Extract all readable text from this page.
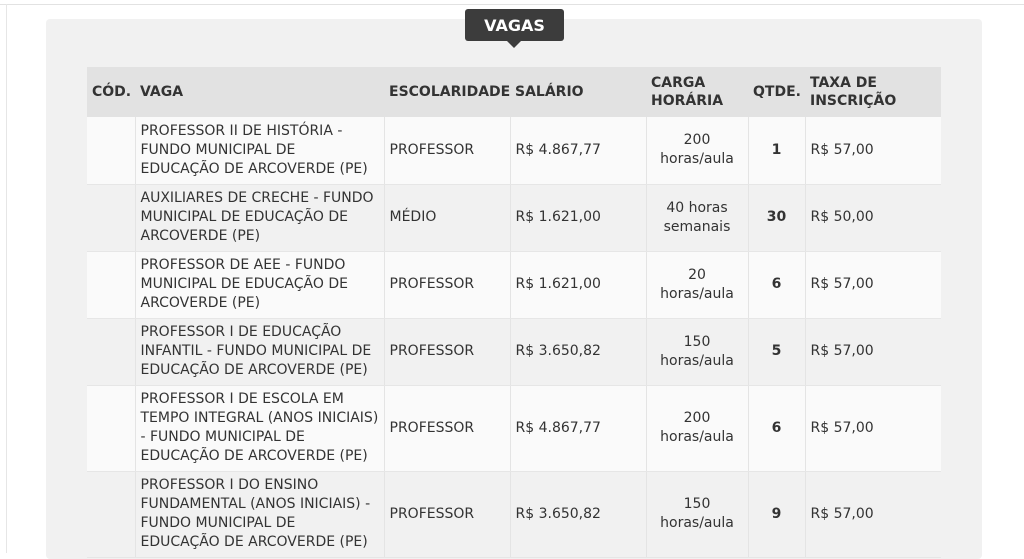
VAGAS
CÓD.	VAGA	ESCOLARIDADE	SALÁRIO	CARGA HORÁRIA	QTDE.	TAXA DE INSCRIÇÃO
	PROFESSOR II DE HISTÓRIA - FUNDO MUNICIPAL DE EDUCAÇÃO DE ARCOVERDE (PE)	PROFESSOR	R$ 4.867,77	200 horas/aula	1	R$ 57,00
	AUXILIARES DE CRECHE - FUNDO MUNICIPAL DE EDUCAÇÃO DE ARCOVERDE (PE)	MÉDIO	R$ 1.621,00	40 horas semanais	30	R$ 50,00
	PROFESSOR DE AEE - FUNDO MUNICIPAL DE EDUCAÇÃO DE ARCOVERDE (PE)	PROFESSOR	R$ 1.621,00	20 horas/aula	6	R$ 57,00
	PROFESSOR I DE EDUCAÇÃO INFANTIL - FUNDO MUNICIPAL DE EDUCAÇÃO DE ARCOVERDE (PE)	PROFESSOR	R$ 3.650,82	150 horas/aula	5	R$ 57,00
	PROFESSOR I DE ESCOLA EM TEMPO INTEGRAL (ANOS INICIAIS) - FUNDO MUNICIPAL DE EDUCAÇÃO DE ARCOVERDE (PE)	PROFESSOR	R$ 4.867,77	200 horas/aula	6	R$ 57,00
	PROFESSOR I DO ENSINO FUNDAMENTAL (ANOS INICIAIS) - FUNDO MUNICIPAL DE EDUCAÇÃO DE ARCOVERDE (PE)	PROFESSOR	R$ 3.650,82	150 horas/aula	9	R$ 57,00
